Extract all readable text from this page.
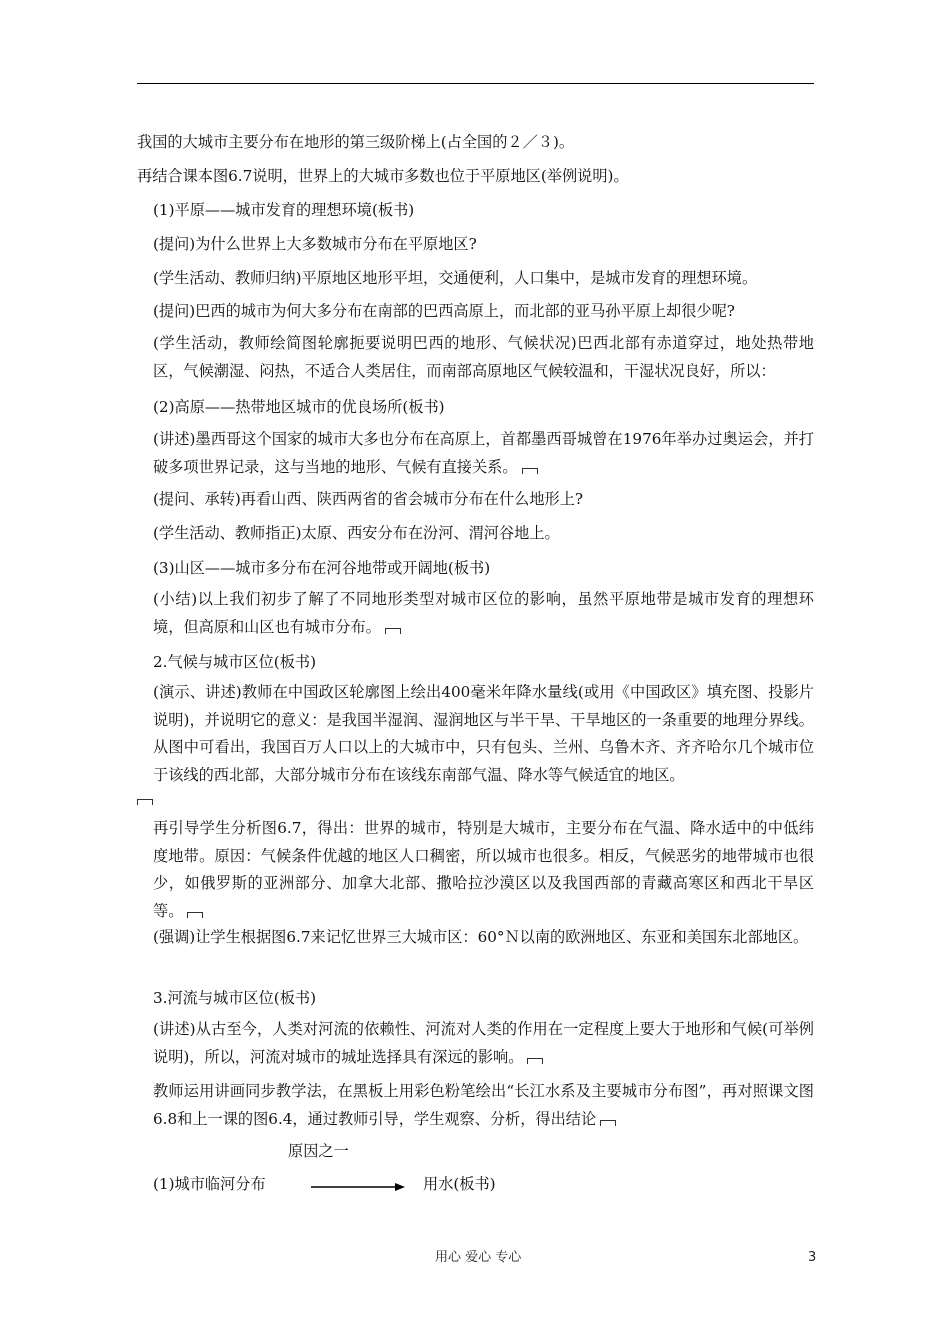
我国的大城市主要分布在地形的第三级阶梯上(占全国的２／３)。
再结合课本图6.7说明，世界上的大城市多数也位于平原地区(举例说明)。
(1)平原——城市发育的理想环境(板书)
(提问)为什么世界上大多数城市分布在平原地区?
(学生活动、教师归纳)平原地区地形平坦，交通便利，人口集中，是城市发育的理想环境。
(提问)巴西的城市为何大多分布在南部的巴西高原上，而北部的亚马孙平原上却很少呢?
(学生活动，教师绘简图轮廓扼要说明巴西的地形、气候状况)巴西北部有赤道穿过，地处热带地区，气候潮湿、闷热，不适合人类居住，而南部高原地区气候较温和，干湿状况良好，所以：
(2)高原——热带地区城市的优良场所(板书)
(讲述)墨西哥这个国家的城市大多也分布在高原上，首都墨西哥城曾在1976年举办过奥运会，并打破多项世界记录，这与当地的地形、气候有直接关系。
(提问、承转)再看山西、陕西两省的省会城市分布在什么地形上?
(学生活动、教师指正)太原、西安分布在汾河、渭河谷地上。
(3)山区——城市多分布在河谷地带或开阔地(板书)
(小结)以上我们初步了解了不同地形类型对城市区位的影响，虽然平原地带是城市发育的理想环境，但高原和山区也有城市分布。
2.气候与城市区位(板书)
(演示、讲述)教师在中国政区轮廓图上绘出400毫米年降水量线(或用《中国政区》填充图、投影片说明)，并说明它的意义：是我国半湿润、湿润地区与半干旱、干旱地区的一条重要的地理分界线。从图中可看出，我国百万人口以上的大城市中，只有包头、兰州、乌鲁木齐、齐齐哈尔几个城市位于该线的西北部，大部分城市分布在该线东南部气温、降水等气候适宜的地区。
再引导学生分析图6.7，得出：世界的城市，特别是大城市，主要分布在气温、降水适中的中低纬度地带。原因：气候条件优越的地区人口稠密，所以城市也很多。相反，气候恶劣的地带城市也很少，如俄罗斯的亚洲部分、加拿大北部、撒哈拉沙漠区以及我国西部的青藏高寒区和西北干旱区等。
(强调)让学生根据图6.7来记忆世界三大城市区：60°Ｎ以南的欧洲地区、东亚和美国东北部地区。
3.河流与城市区位(板书)
(讲述)从古至今，人类对河流的依赖性、河流对人类的作用在一定程度上要大于地形和气候(可举例说明)，所以，河流对城市的城址选择具有深远的影响。
教师运用讲画同步教学法，在黑板上用彩色粉笔绘出“长江水系及主要城市分布图”，再对照课文图6.8和上一课的图6.4，通过教师引导，学生观察、分析，得出结论
原因之一
(1)城市临河分布	用水(板书)
用心 爱心 专心	3
